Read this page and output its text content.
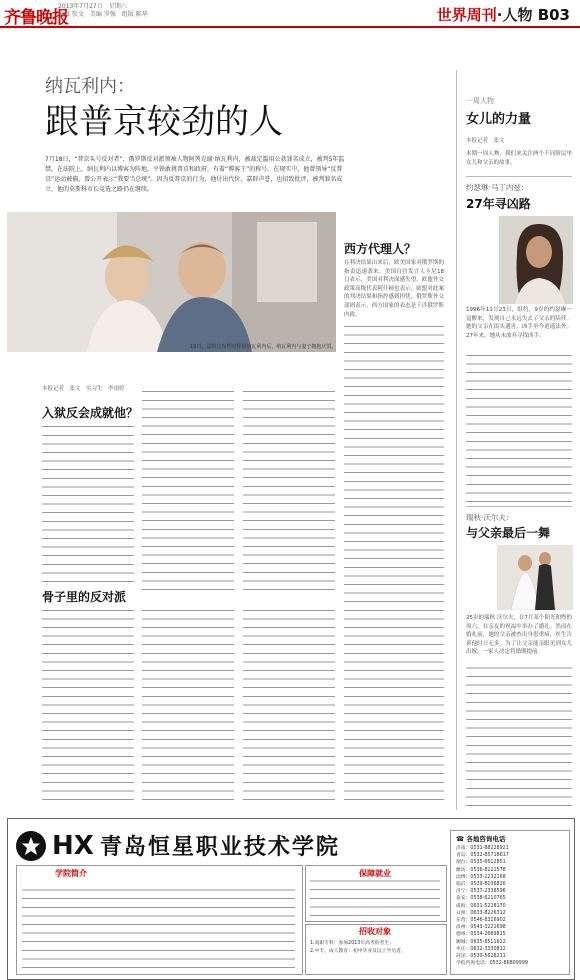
齐鲁晚报
2013年7月27日　星期六
编辑 张文　美编 罗强　组版 陈华	世界周刊·人物 B03
纳瓦利内：
跟普京较劲的人
7月18日，“普京头号反对者”、俄罗斯反对派领袖人物阿列克谢·纳瓦利内，被裁定滥用公款罪名成立，被判5年监禁。在法院上，纳瓦利内以博客为阵地，平铁敢挑普京和政府，有着“博客王”的称号。在现实中，他曾领导“反普京”运动被捕，曾公开表示“我要当总统”。因为反普京的行为，他付出代价，嘉辟声誉，也招致批评，被判罪名成立，他的莫斯科市长竞选之路仍在继续。
19日，法院宣布暂时释放纳瓦利内后，纳瓦利内与妻子拥抱庆贺。
本报记者　张文　实习生　李雨婷
入狱反会成就他？
骨子里的反对派
西方代理人？
在利决结果出来后，欧美国家对俄罗斯的指责迅速袭来。美国白宫发言人卡尼18日表示，美国对利决深感失望。欧盟外交政策高级代表阿什顿也表示，欧盟对此案的判决结果和指控感到担忧。俄罗斯外交部则表示，西方国家的表态是干涉俄罗斯内政。
一周人物
女儿的力量
本报记者　张文
本期一周人物，我们来关注两个不同阶层里女儿和父亲的故事。
约瑟琳·马丁内兹：
27年寻凶路
1996年11月23日，组约，9岁的约瑟琳一觉醒来，发现自己永远失去了父亲的陪伴。她的父亲在街头遇害，凶手至今逍遥法外。27年来，她从未放弃寻找凶手。
瑞秋·沃尔夫：
与父亲最后一舞
25岁的瑞秋·沃尔夫，在7月某个阳光和煦的周六，在亲友的祝福中举办了婚礼。然而在婚礼前，她的父亲被查出身患重病，医生告诉他时日无多。为了让父亲能亲眼见到女儿出嫁，一家人决定将婚期提前。
HX 青岛恒星职业技术学院
学院简介	保障就业
招收对象
1.高职专科：参加2013年高考的考生；
2.中专、成人教育：初中毕业及以上学历者。
☎ 各地咨询电话
济南：0531-88228921
青岛：0532-85718617
烟台：0535-6612851
潍坊：0536-8221578
淄博：0533-2232168
临沂：0539-8106826
济宁：0537-2338596
泰安：0538-6210765
威海：0631-5228170
日照：0633-8226312
东营：0546-8316902
滨州：0543-3221698
德州：0534-2689815
聊城：0635-8511622
枣庄：0632-3330812
菏泽：0530-5628211
学院咨询电话：0532-86809999
